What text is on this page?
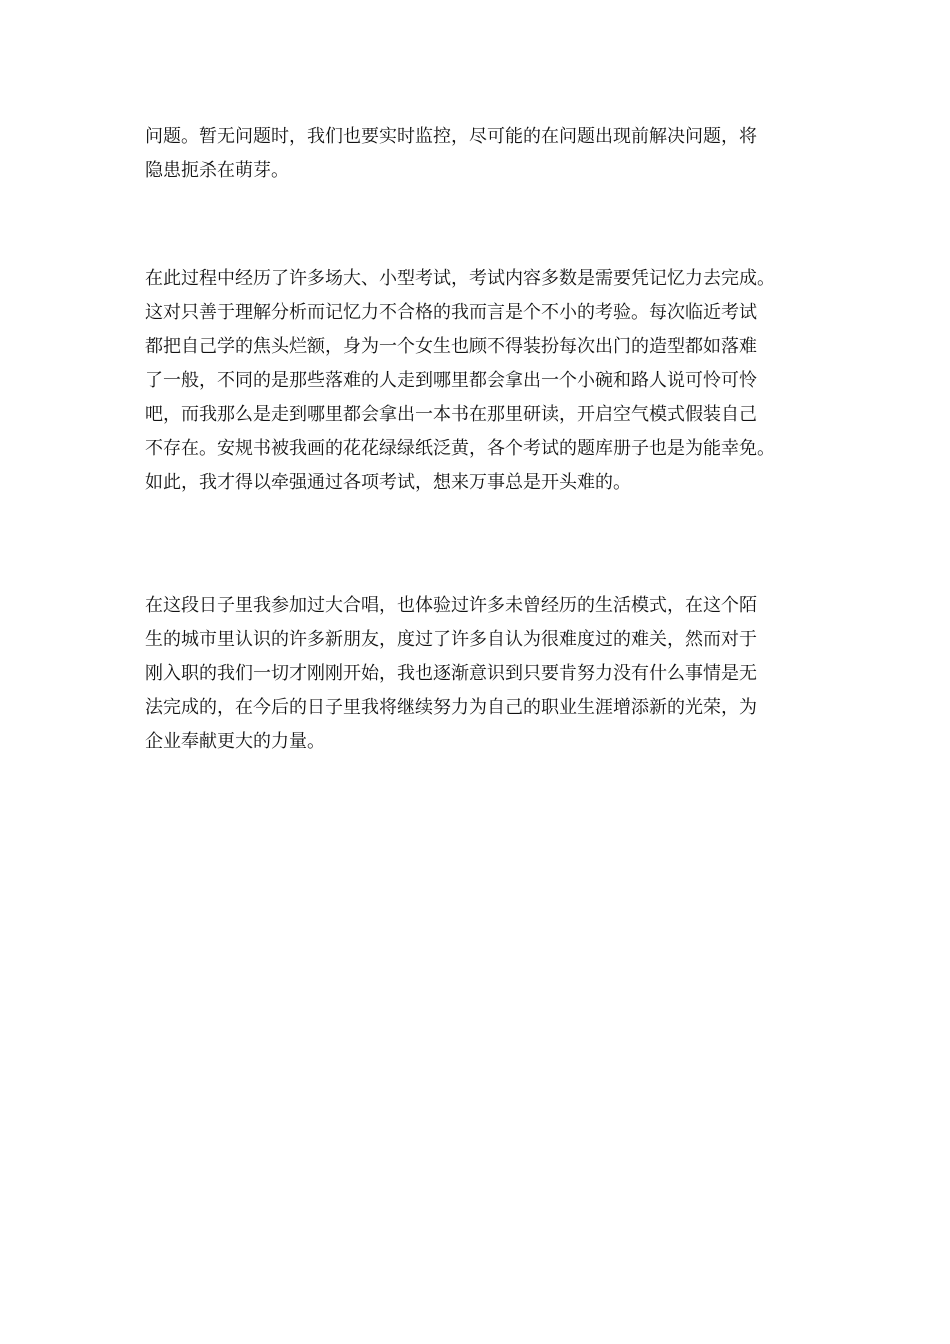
问题。暂无问题时，我们也要实时监控，尽可能的在问题出现前解决问题，将
隐患扼杀在萌芽。
在此过程中经历了许多场大、小型考试，考试内容多数是需要凭记忆力去完成。
这对只善于理解分析而记忆力不合格的我而言是个不小的考验。每次临近考试
都把自己学的焦头烂额，身为一个女生也顾不得装扮每次出门的造型都如落难
了一般，不同的是那些落难的人走到哪里都会拿出一个小碗和路人说可怜可怜
吧，而我那么是走到哪里都会拿出一本书在那里研读，开启空气模式假装自己
不存在。安规书被我画的花花绿绿纸泛黄，各个考试的题库册子也是为能幸免。
如此，我才得以牵强通过各项考试，想来万事总是开头难的。
在这段日子里我参加过大合唱，也体验过许多未曾经历的生活模式，在这个陌
生的城市里认识的许多新朋友，度过了许多自认为很难度过的难关，然而对于
刚入职的我们一切才刚刚开始，我也逐渐意识到只要肯努力没有什么事情是无
法完成的，在今后的日子里我将继续努力为自己的职业生涯增添新的光荣，为
企业奉献更大的力量。
